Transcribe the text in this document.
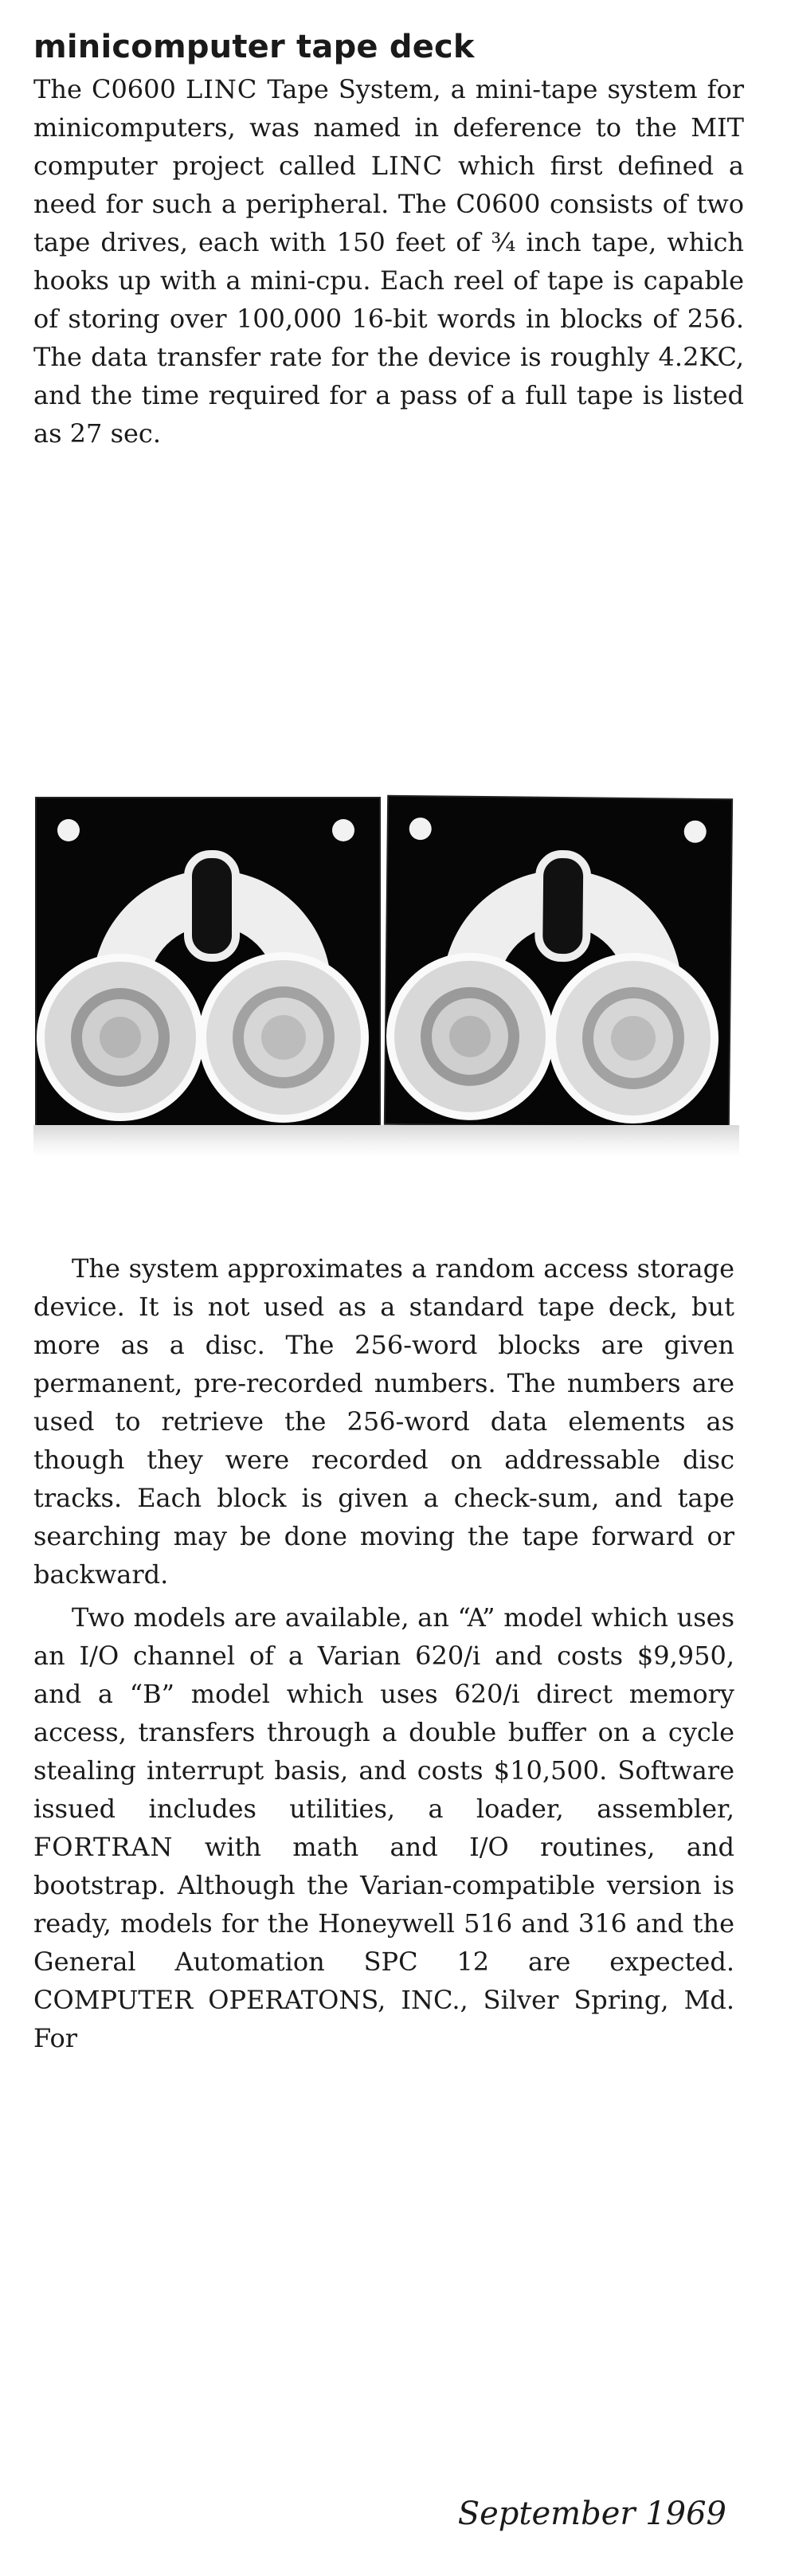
minicomputer tape deck

The C0600 LINC Tape System, a mini-tape system for minicomputers, was named in deference to the MIT computer project called LINC which first defined a need for such a peripheral. The C0600 consists of two tape drives, each with 150 feet of ¾ inch tape, which hooks up with a mini-cpu. Each reel of tape is capable of storing over 100,000 16-bit words in blocks of 256. The data transfer rate for the device is roughly 4.2KC, and the time required for a pass of a full tape is listed as 27 sec.

The system approximates a random access storage device. It is not used as a standard tape deck, but more as a disc. The 256-word blocks are given permanent, pre-recorded numbers. The numbers are used to retrieve the 256-word data elements as though they were recorded on addressable disc tracks. Each block is given a check-sum, and tape searching may be done moving the tape forward or backward.

Two models are available, an “A” model which uses an I/O channel of a Varian 620/i and costs $9,950, and a “B” model which uses 620/i direct memory access, transfers through a double buffer on a cycle stealing interrupt basis, and costs $10,500. Software issued includes utilities, a loader, assembler, FORTRAN with math and I/O routines, and bootstrap. Although the Varian-compatible version is ready, models for the Honeywell 516 and 316 and the General Automation SPC 12 are expected. COMPUTER OPERATONS, INC., Silver Spring, Md. For

September 1969
